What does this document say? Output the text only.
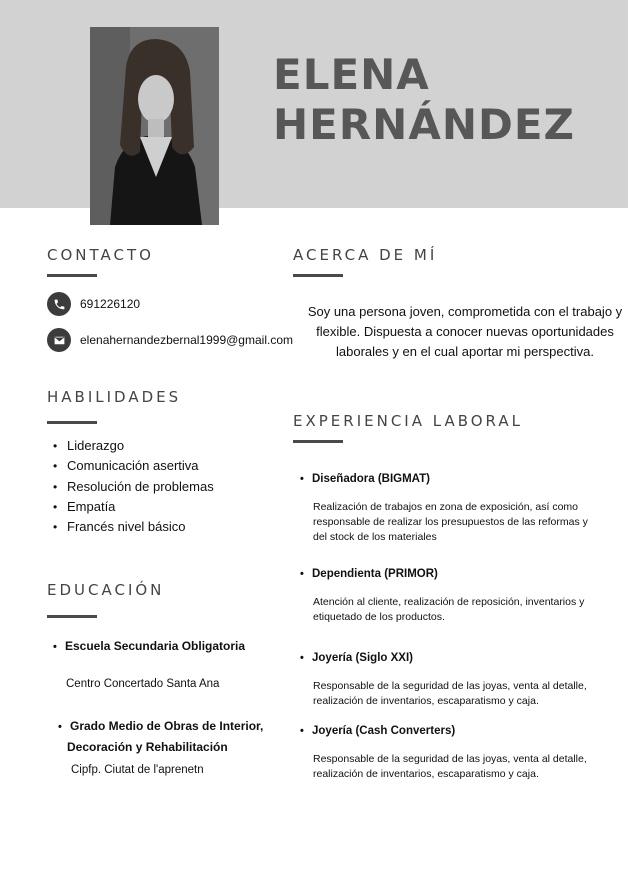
ELENA
HERNÁNDEZ
CONTACTO
691226120
elenahernandezbernal1999@gmail.com
HABILIDADES
• Liderazgo
• Comunicación asertiva
• Resolución de problemas
• Empatía
• Francés nivel básico
EDUCACIÓN
• Escuela Secundaria Obligatoria
Centro Concertado Santa Ana
• Grado Medio de Obras de Interior,
Decoración y Rehabilitación
Cipfp. Ciutat de l'aprenetn
ACERCA DE MÍ

Soy una persona joven, comprometida con el trabajo y flexible. Dispuesta a conocer nuevas oportunidades laborales y en el cual aportar mi perspectiva.

EXPERIENCIA LABORAL
• Diseñadora (BIGMAT)

Realización de trabajos en zona de exposición, así como responsable de realizar los presupuestos de las reformas y del stock de los materiales

• Dependienta (PRIMOR)

Atención al cliente, realización de reposición, inventarios y etiquetado de los productos.

• Joyería (Siglo XXI)

Responsable de la seguridad de las joyas, venta al detalle, realización de inventarios, escaparatismo y caja.

• Joyería (Cash Converters)

Responsable de la seguridad de las joyas, venta al detalle, realización de inventarios, escaparatismo y caja.
